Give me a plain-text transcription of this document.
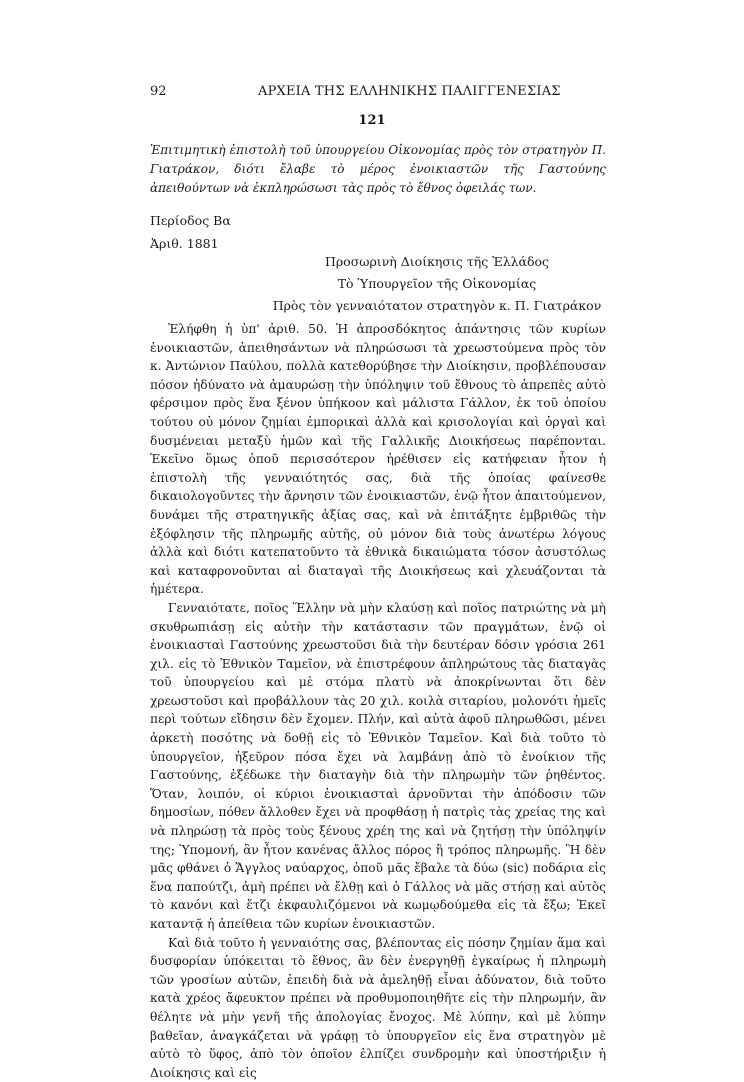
92	ΑΡΧΕΙΑ ΤΗΣ ΕΛΛΗΝΙΚΗΣ ΠΑΛΙΓΓΕΝΕΣΙΑΣ
121
Ἐπιτιμητικὴ ἐπιστολὴ τοῦ ὑπουργείου Οἰκονομίας πρὸς τὸν στρατηγὸν Π. Γιατράκον, διότι ἔλαβε τὸ μέρος ἐνοικιαστῶν τῆς Γαστούνης ἀπειθούντων νὰ ἐκπληρώσωσι τὰς πρὸς τὸ ἔθνος ὀφειλάς των.
Περίοδος Βα
Ἀριθ. 1881
Προσωρινὴ Διοίκησις τῆς Ἑλλάδος
Τὸ Ὑπουργεῖον τῆς Οἰκονομίας
Πρὸς τὸν γενναιότατον στρατηγὸν κ. Π. Γιατράκον

Ἐλήφθη ἡ ὑπ' ἀριθ. 50. Ἡ ἀπροσδόκητος ἀπάντησις τῶν κυρίων ἐνοικιαστῶν, ἀπειθησάντων νὰ πληρώσωσι τὰ χρεωστούμενα πρὸς τὸν κ. Ἀντώνιον Παύλου, πολλὰ κατεθορύβησε τὴν Διοίκησιν, προβλέπουσαν πόσον ἠδύνατο νὰ ἀμαυρώσῃ τὴν ὑπόληψιν τοῦ ἔθνους τὸ ἀπρεπὲς αὐτὸ φέρσιμον πρὸς ἕνα ξένον ὑπήκοον καὶ μάλιστα Γάλλον, ἐκ τοῦ ὁποίου τούτου οὐ μόνον ζημίαι ἐμπορικαὶ ἀλλὰ καὶ κρισολογίαι καὶ ὀργαὶ καὶ δυσμένειαι μεταξὺ ἡμῶν καὶ τῆς Γαλλικῆς Διοικήσεως παρέπονται. Ἐκεῖνο ὅμως ὁποῦ περισσότερον ἠρέθισεν εἰς κατήφειαν ἦτον ἡ ἐπιστολὴ τῆς γενναιότητός σας, διὰ τῆς ὁποίας φαίνεσθε δικαιολογοῦντες τὴν ἄρνησιν τῶν ἐνοικιαστῶν, ἐνῷ ἦτον ἀπαιτούμενον, δυνάμει τῆς στρατηγικῆς ἀξίας σας, καὶ νὰ ἐπιτάξητε ἐμβριθῶς τὴν ἐξόφλησιν τῆς πληρωμῆς αὐτῆς, οὐ μόνον διὰ τοὺς ἀνωτέρω λόγους ἀλλὰ καὶ διότι κατεπατοῦντο τὰ ἐθνικὰ δικαιώματα τόσον ἀσυστόλως καὶ καταφρονοῦνται αἱ διαταγαὶ τῆς Διοικήσεως καὶ χλευάζονται τὰ ἡμέτερα.

Γενναιότατε, ποῖος Ἕλλην νὰ μὴν κλαύσῃ καὶ ποῖος πατριώτης νὰ μὴ σκυθρωπιάσῃ εἰς αὐτὴν τὴν κατάστασιν τῶν πραγμάτων, ἐνῷ οἱ ἐνοικιασταὶ Γαστούνης χρεωστοῦσι διὰ τὴν δευτέραν δόσιν γρόσια 261 χιλ. εἰς τὸ Ἐθνικὸν Ταμεῖον, νὰ ἐπιστρέφουν ἀπληρώτους τὰς διαταγὰς τοῦ ὑπουργείου καὶ μὲ στόμα πλατὺ νὰ ἀποκρίνωνται ὅτι δὲν χρεωστοῦσι καὶ προβάλλουν τὰς 20 χιλ. κοιλὰ σιταρίου, μολονότι ἡμεῖς περὶ τούτων εἴδησιν δὲν ἔχομεν. Πλήν, καὶ αὐτὰ ἀφοῦ πληρωθῶσι, μένει ἀρκετὴ ποσότης νὰ δοθῇ εἰς τὸ Ἐθνικὸν Ταμεῖον. Καὶ διὰ τοῦτο τὸ ὑπουργεῖον, ἠξεῦρον πόσα ἔχει νὰ λαμβάνῃ ἀπὸ τὸ ἐνοίκιον τῆς Γαστούνης, ἐξέδωκε τὴν διαταγὴν διὰ τὴν πληρωμὴν τῶν ῥηθέντος. Ὅταν, λοιπόν, οἱ κύριοι ἐνοικιασταὶ ἀρνοῦνται τὴν ἀπόδοσιν τῶν δημοσίων, πόθεν ἄλλοθεν ἔχει νὰ προφθάσῃ ἡ πατρὶς τὰς χρείας της καὶ νὰ πληρώσῃ τὰ πρὸς τοὺς ξένους χρέη της καὶ νὰ ζητήσῃ τὴν ὑπόληψίν της; Ὑπομονή, ἂν ἦτον κανένας ἄλλος πόρος ἢ τρόπος πληρωμῆς. Ἢ δὲν μᾶς φθάνει ὁ Ἄγγλος ναύαρχος, ὁποῦ μᾶς ἔβαλε τὰ δύω (sic) ποδάρια εἰς ἕνα παπούτζι, ἀμὴ πρέπει νὰ ἔλθῃ καὶ ὁ Γάλλος νὰ μᾶς στήσῃ καὶ αὐτὸς τὸ κανόνι καὶ ἔτζι ἐκφαυλιζόμενοι νὰ κωμῳδούμεθα εἰς τὰ ἔξω; Ἐκεῖ καταντᾷ ἡ ἀπείθεια τῶν κυρίων ἐνοικιαστῶν.

Καὶ διὰ τοῦτο ἡ γενναιότης σας, βλέποντας εἰς πόσην ζημίαν ἅμα καὶ δυσφορίαν ὑπόκειται τὸ ἔθνος, ἂν δὲν ἐνεργηθῇ ἐγκαίρως ἡ πληρωμὴ τῶν γροσίων αὐτῶν, ἐπειδὴ διὰ νὰ ἀμεληθῇ εἶναι ἀδύνατον, διὰ τοῦτο κατὰ χρέος ἄφευκτον πρέπει νὰ προθυμοποιηθῆτε εἰς τὴν πληρωμήν, ἂν θέλητε νὰ μὴν γενῆ τῆς ἀπολογίας ἔνοχος. Μὲ λύπην, καὶ μὲ λύπην βαθεῖαν, ἀναγκάζεται νὰ γράφῃ τὸ ὑπουργεῖον εἰς ἕνα στρατηγὸν μὲ αὐτὸ τὸ ὕφος, ἀπὸ τὸν ὁποῖον ἐλπίζει συνδρομὴν καὶ ὑποστήριξιν ἡ Διοίκησις καὶ εἰς
